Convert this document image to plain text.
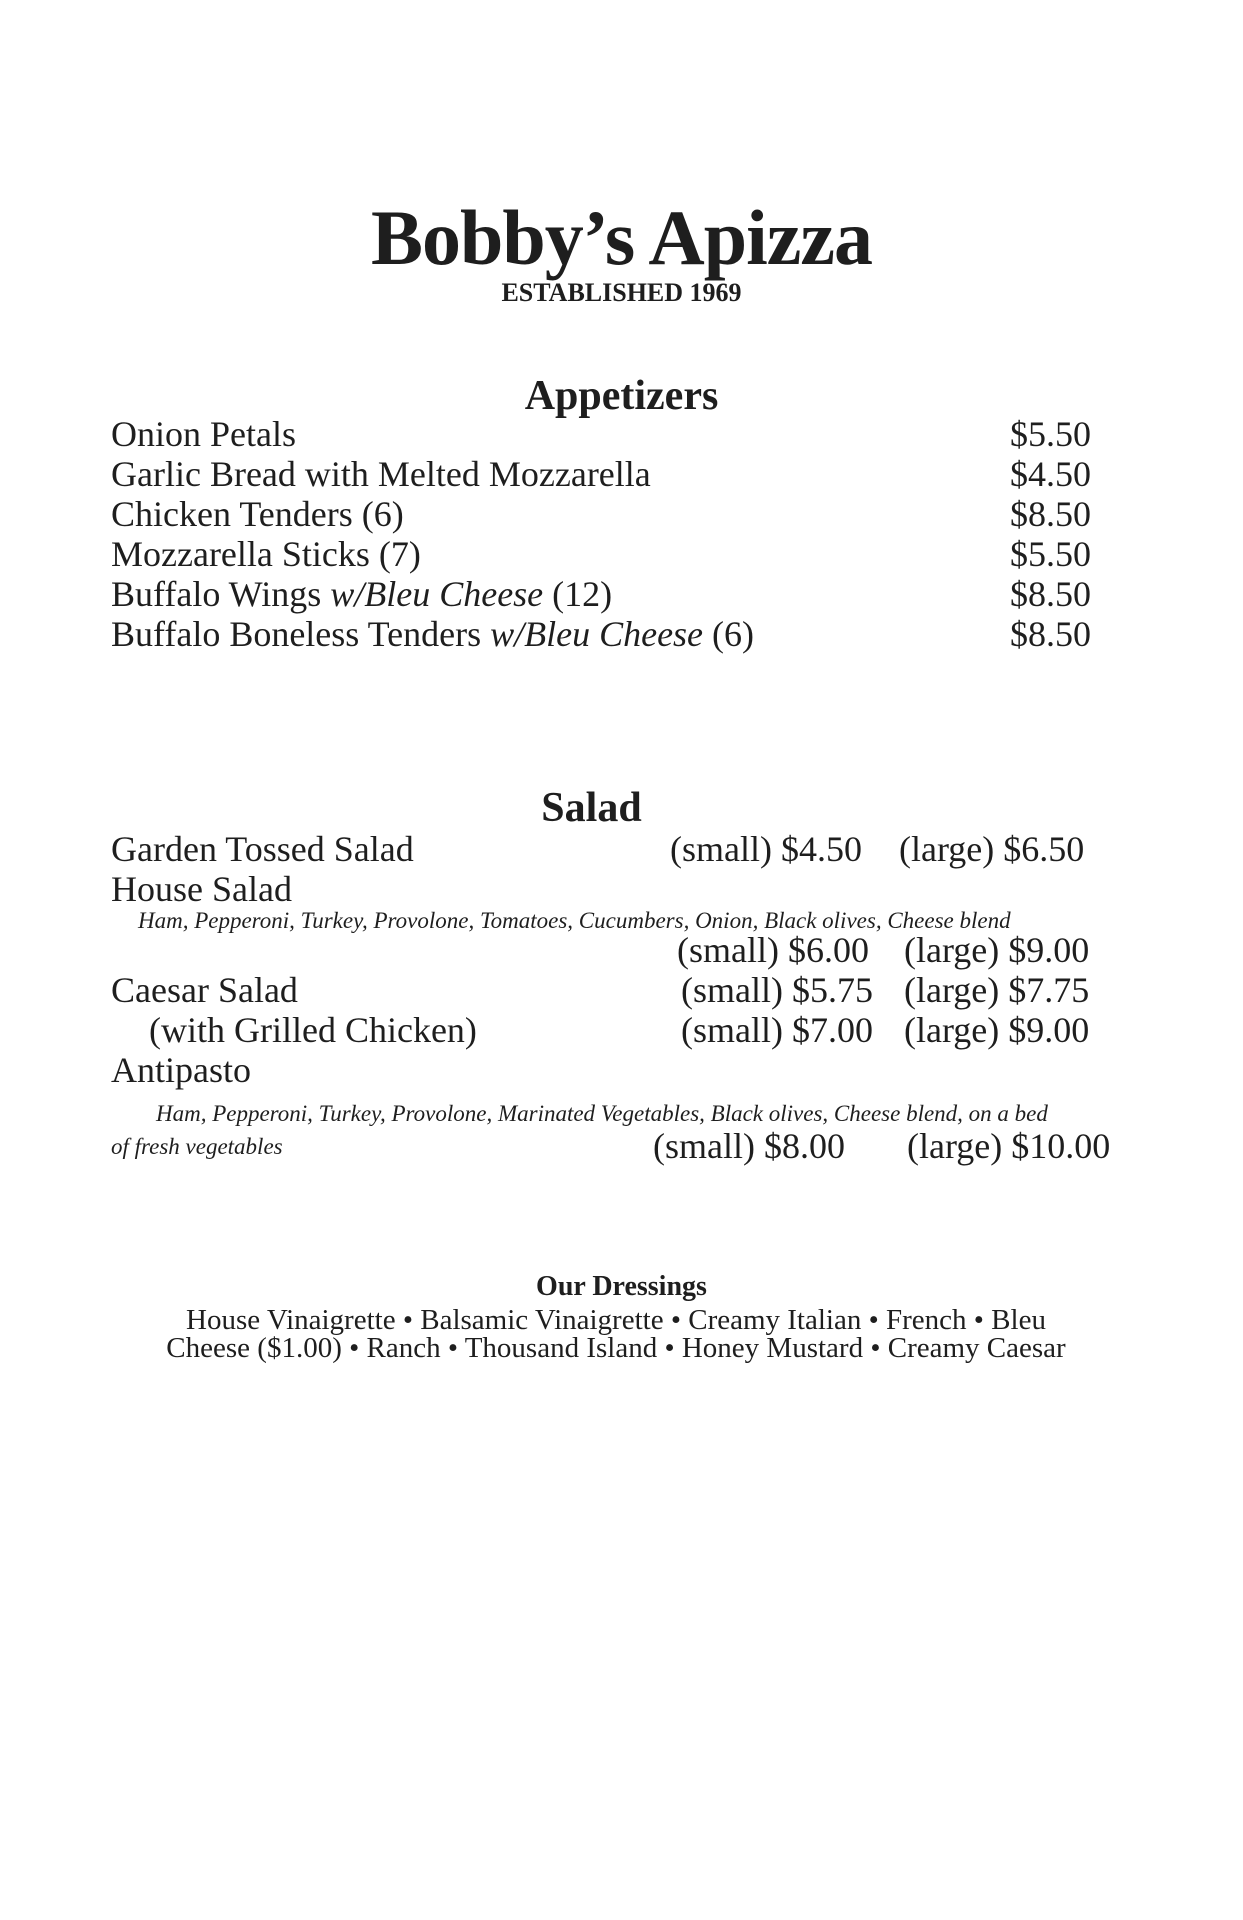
Bobby’s Apizza
ESTABLISHED 1969
Appetizers
Onion Petals	$5.50
Garlic Bread with Melted Mozzarella	$4.50
Chicken Tenders (6)	$8.50
Mozzarella Sticks (7)	$5.50
Buffalo Wings w/Bleu Cheese (12)	$8.50
Buffalo Boneless Tenders w/Bleu Cheese (6)	$8.50
Salad
Garden Tossed Salad	(small) $4.50 (large) $6.50
House Salad
Ham, Pepperoni, Turkey, Provolone, Tomatoes, Cucumbers, Onion, Black olives, Cheese blend
(small) $6.00 (large) $9.00
Caesar Salad	(small) $5.75 (large) $7.75
(with Grilled Chicken)	(small) $7.00 (large) $9.00
Antipasto
Ham, Pepperoni, Turkey, Provolone, Marinated Vegetables, Black olives, Cheese blend, on a bed
of fresh vegetables	(small) $8.00 (large) $10.00
Our Dressings
House Vinaigrette • Balsamic Vinaigrette • Creamy Italian • French • Bleu
Cheese ($1.00) • Ranch • Thousand Island • Honey Mustard • Creamy Caesar
